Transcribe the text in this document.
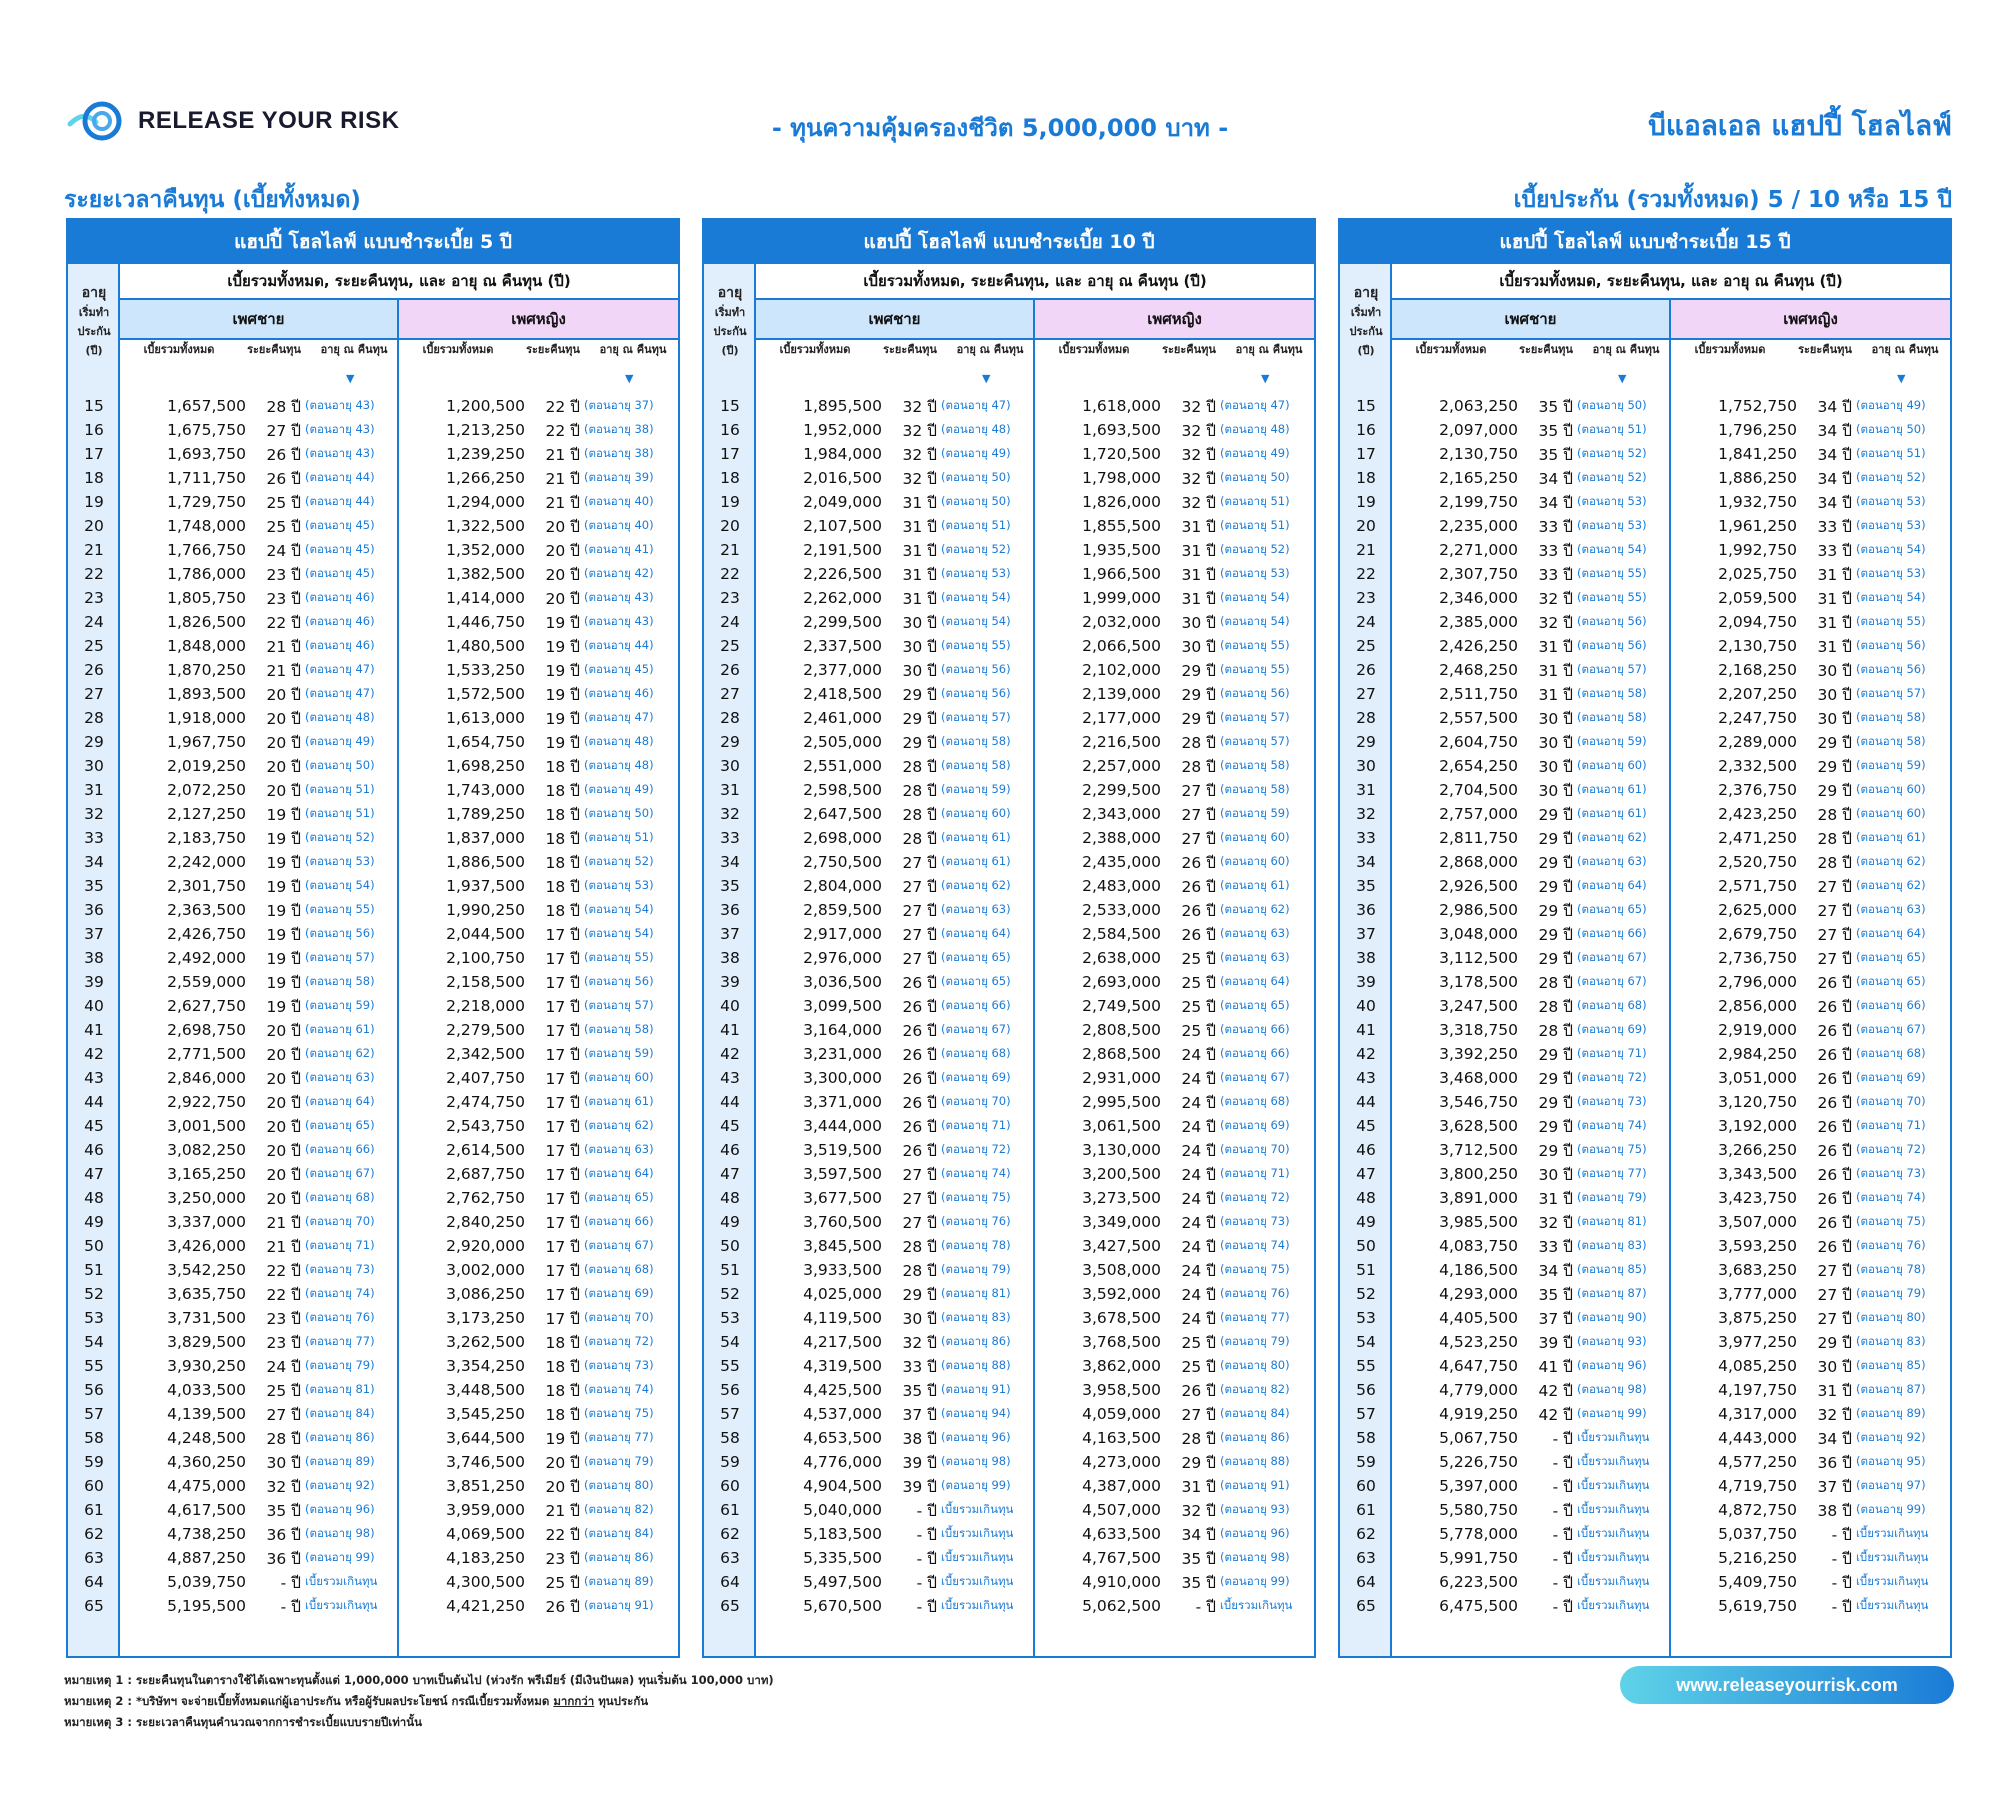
RELEASE YOUR RISK	- ทุนความคุ้มครองชีวิต 5,000,000 บาท -	บีแอลเอล แฮปปี้ โฮลไลฟ์
ระยะเวลาคืนทุน (เบี้ยทั้งหมด)	เบี้ยประกัน (รวมทั้งหมด) 5 / 10 หรือ 15 ปี
แฮปปี้ โฮลไลฟ์ แบบชำระเบี้ย 5 ปี
อายุ
เริ่มทำ
ประกัน
(ปี)
เบี้ยรวมทั้งหมด, ระยะคืนทุน, และ อายุ ณ คืนทุน (ปี)
เพศชาย	เพศหญิง
เบี้ยรวมทั้งหมด	ระยะคืนทุน	อายุ ณ คืนทุน
▼
เบี้ยรวมทั้งหมด	ระยะคืนทุน	อายุ ณ คืนทุน
▼
15	1,657,500	28 ปี (ตอนอายุ 43)	1,200,500	22 ปี (ตอนอายุ 37)
16	1,675,750	27 ปี (ตอนอายุ 43)	1,213,250	22 ปี (ตอนอายุ 38)
17	1,693,750	26 ปี (ตอนอายุ 43)	1,239,250	21 ปี (ตอนอายุ 38)
18	1,711,750	26 ปี (ตอนอายุ 44)	1,266,250	21 ปี (ตอนอายุ 39)
19	1,729,750	25 ปี (ตอนอายุ 44)	1,294,000	21 ปี (ตอนอายุ 40)
20	1,748,000	25 ปี (ตอนอายุ 45)	1,322,500	20 ปี (ตอนอายุ 40)
21	1,766,750	24 ปี (ตอนอายุ 45)	1,352,000	20 ปี (ตอนอายุ 41)
22	1,786,000	23 ปี (ตอนอายุ 45)	1,382,500	20 ปี (ตอนอายุ 42)
23	1,805,750	23 ปี (ตอนอายุ 46)	1,414,000	20 ปี (ตอนอายุ 43)
24	1,826,500	22 ปี (ตอนอายุ 46)	1,446,750	19 ปี (ตอนอายุ 43)
25	1,848,000	21 ปี (ตอนอายุ 46)	1,480,500	19 ปี (ตอนอายุ 44)
26	1,870,250	21 ปี (ตอนอายุ 47)	1,533,250	19 ปี (ตอนอายุ 45)
27	1,893,500	20 ปี (ตอนอายุ 47)	1,572,500	19 ปี (ตอนอายุ 46)
28	1,918,000	20 ปี (ตอนอายุ 48)	1,613,000	19 ปี (ตอนอายุ 47)
29	1,967,750	20 ปี (ตอนอายุ 49)	1,654,750	19 ปี (ตอนอายุ 48)
30	2,019,250	20 ปี (ตอนอายุ 50)	1,698,250	18 ปี (ตอนอายุ 48)
31	2,072,250	20 ปี (ตอนอายุ 51)	1,743,000	18 ปี (ตอนอายุ 49)
32	2,127,250	19 ปี (ตอนอายุ 51)	1,789,250	18 ปี (ตอนอายุ 50)
33	2,183,750	19 ปี (ตอนอายุ 52)	1,837,000	18 ปี (ตอนอายุ 51)
34	2,242,000	19 ปี (ตอนอายุ 53)	1,886,500	18 ปี (ตอนอายุ 52)
35	2,301,750	19 ปี (ตอนอายุ 54)	1,937,500	18 ปี (ตอนอายุ 53)
36	2,363,500	19 ปี (ตอนอายุ 55)	1,990,250	18 ปี (ตอนอายุ 54)
37	2,426,750	19 ปี (ตอนอายุ 56)	2,044,500	17 ปี (ตอนอายุ 54)
38	2,492,000	19 ปี (ตอนอายุ 57)	2,100,750	17 ปี (ตอนอายุ 55)
39	2,559,000	19 ปี (ตอนอายุ 58)	2,158,500	17 ปี (ตอนอายุ 56)
40	2,627,750	19 ปี (ตอนอายุ 59)	2,218,000	17 ปี (ตอนอายุ 57)
41	2,698,750	20 ปี (ตอนอายุ 61)	2,279,500	17 ปี (ตอนอายุ 58)
42	2,771,500	20 ปี (ตอนอายุ 62)	2,342,500	17 ปี (ตอนอายุ 59)
43	2,846,000	20 ปี (ตอนอายุ 63)	2,407,750	17 ปี (ตอนอายุ 60)
44	2,922,750	20 ปี (ตอนอายุ 64)	2,474,750	17 ปี (ตอนอายุ 61)
45	3,001,500	20 ปี (ตอนอายุ 65)	2,543,750	17 ปี (ตอนอายุ 62)
46	3,082,250	20 ปี (ตอนอายุ 66)	2,614,500	17 ปี (ตอนอายุ 63)
47	3,165,250	20 ปี (ตอนอายุ 67)	2,687,750	17 ปี (ตอนอายุ 64)
48	3,250,000	20 ปี (ตอนอายุ 68)	2,762,750	17 ปี (ตอนอายุ 65)
49	3,337,000	21 ปี (ตอนอายุ 70)	2,840,250	17 ปี (ตอนอายุ 66)
50	3,426,000	21 ปี (ตอนอายุ 71)	2,920,000	17 ปี (ตอนอายุ 67)
51	3,542,250	22 ปี (ตอนอายุ 73)	3,002,000	17 ปี (ตอนอายุ 68)
52	3,635,750	22 ปี (ตอนอายุ 74)	3,086,250	17 ปี (ตอนอายุ 69)
53	3,731,500	23 ปี (ตอนอายุ 76)	3,173,250	17 ปี (ตอนอายุ 70)
54	3,829,500	23 ปี (ตอนอายุ 77)	3,262,500	18 ปี (ตอนอายุ 72)
55	3,930,250	24 ปี (ตอนอายุ 79)	3,354,250	18 ปี (ตอนอายุ 73)
56	4,033,500	25 ปี (ตอนอายุ 81)	3,448,500	18 ปี (ตอนอายุ 74)
57	4,139,500	27 ปี (ตอนอายุ 84)	3,545,250	18 ปี (ตอนอายุ 75)
58	4,248,500	28 ปี (ตอนอายุ 86)	3,644,500	19 ปี (ตอนอายุ 77)
59	4,360,250	30 ปี (ตอนอายุ 89)	3,746,500	20 ปี (ตอนอายุ 79)
60	4,475,000	32 ปี (ตอนอายุ 92)	3,851,250	20 ปี (ตอนอายุ 80)
61	4,617,500	35 ปี (ตอนอายุ 96)	3,959,000	21 ปี (ตอนอายุ 82)
62	4,738,250	36 ปี (ตอนอายุ 98)	4,069,500	22 ปี (ตอนอายุ 84)
63	4,887,250	36 ปี (ตอนอายุ 99)	4,183,250	23 ปี (ตอนอายุ 86)
64	5,039,750	- ปี เบี้ยรวมเกินทุน	4,300,500	25 ปี (ตอนอายุ 89)
65	5,195,500	- ปี เบี้ยรวมเกินทุน	4,421,250	26 ปี (ตอนอายุ 91)
แฮปปี้ โฮลไลฟ์ แบบชำระเบี้ย 10 ปี
อายุ
เริ่มทำ
ประกัน
(ปี)
เบี้ยรวมทั้งหมด, ระยะคืนทุน, และ อายุ ณ คืนทุน (ปี)
เพศชาย	เพศหญิง
เบี้ยรวมทั้งหมด	ระยะคืนทุน	อายุ ณ คืนทุน
▼
เบี้ยรวมทั้งหมด	ระยะคืนทุน	อายุ ณ คืนทุน
▼
15	1,895,500	32 ปี (ตอนอายุ 47)	1,618,000	32 ปี (ตอนอายุ 47)
16	1,952,000	32 ปี (ตอนอายุ 48)	1,693,500	32 ปี (ตอนอายุ 48)
17	1,984,000	32 ปี (ตอนอายุ 49)	1,720,500	32 ปี (ตอนอายุ 49)
18	2,016,500	32 ปี (ตอนอายุ 50)	1,798,000	32 ปี (ตอนอายุ 50)
19	2,049,000	31 ปี (ตอนอายุ 50)	1,826,000	32 ปี (ตอนอายุ 51)
20	2,107,500	31 ปี (ตอนอายุ 51)	1,855,500	31 ปี (ตอนอายุ 51)
21	2,191,500	31 ปี (ตอนอายุ 52)	1,935,500	31 ปี (ตอนอายุ 52)
22	2,226,500	31 ปี (ตอนอายุ 53)	1,966,500	31 ปี (ตอนอายุ 53)
23	2,262,000	31 ปี (ตอนอายุ 54)	1,999,000	31 ปี (ตอนอายุ 54)
24	2,299,500	30 ปี (ตอนอายุ 54)	2,032,000	30 ปี (ตอนอายุ 54)
25	2,337,500	30 ปี (ตอนอายุ 55)	2,066,500	30 ปี (ตอนอายุ 55)
26	2,377,000	30 ปี (ตอนอายุ 56)	2,102,000	29 ปี (ตอนอายุ 55)
27	2,418,500	29 ปี (ตอนอายุ 56)	2,139,000	29 ปี (ตอนอายุ 56)
28	2,461,000	29 ปี (ตอนอายุ 57)	2,177,000	29 ปี (ตอนอายุ 57)
29	2,505,000	29 ปี (ตอนอายุ 58)	2,216,500	28 ปี (ตอนอายุ 57)
30	2,551,000	28 ปี (ตอนอายุ 58)	2,257,000	28 ปี (ตอนอายุ 58)
31	2,598,500	28 ปี (ตอนอายุ 59)	2,299,500	27 ปี (ตอนอายุ 58)
32	2,647,500	28 ปี (ตอนอายุ 60)	2,343,000	27 ปี (ตอนอายุ 59)
33	2,698,000	28 ปี (ตอนอายุ 61)	2,388,000	27 ปี (ตอนอายุ 60)
34	2,750,500	27 ปี (ตอนอายุ 61)	2,435,000	26 ปี (ตอนอายุ 60)
35	2,804,000	27 ปี (ตอนอายุ 62)	2,483,000	26 ปี (ตอนอายุ 61)
36	2,859,500	27 ปี (ตอนอายุ 63)	2,533,000	26 ปี (ตอนอายุ 62)
37	2,917,000	27 ปี (ตอนอายุ 64)	2,584,500	26 ปี (ตอนอายุ 63)
38	2,976,000	27 ปี (ตอนอายุ 65)	2,638,000	25 ปี (ตอนอายุ 63)
39	3,036,500	26 ปี (ตอนอายุ 65)	2,693,000	25 ปี (ตอนอายุ 64)
40	3,099,500	26 ปี (ตอนอายุ 66)	2,749,500	25 ปี (ตอนอายุ 65)
41	3,164,000	26 ปี (ตอนอายุ 67)	2,808,500	25 ปี (ตอนอายุ 66)
42	3,231,000	26 ปี (ตอนอายุ 68)	2,868,500	24 ปี (ตอนอายุ 66)
43	3,300,000	26 ปี (ตอนอายุ 69)	2,931,000	24 ปี (ตอนอายุ 67)
44	3,371,000	26 ปี (ตอนอายุ 70)	2,995,500	24 ปี (ตอนอายุ 68)
45	3,444,000	26 ปี (ตอนอายุ 71)	3,061,500	24 ปี (ตอนอายุ 69)
46	3,519,500	26 ปี (ตอนอายุ 72)	3,130,000	24 ปี (ตอนอายุ 70)
47	3,597,500	27 ปี (ตอนอายุ 74)	3,200,500	24 ปี (ตอนอายุ 71)
48	3,677,500	27 ปี (ตอนอายุ 75)	3,273,500	24 ปี (ตอนอายุ 72)
49	3,760,500	27 ปี (ตอนอายุ 76)	3,349,000	24 ปี (ตอนอายุ 73)
50	3,845,500	28 ปี (ตอนอายุ 78)	3,427,500	24 ปี (ตอนอายุ 74)
51	3,933,500	28 ปี (ตอนอายุ 79)	3,508,000	24 ปี (ตอนอายุ 75)
52	4,025,000	29 ปี (ตอนอายุ 81)	3,592,000	24 ปี (ตอนอายุ 76)
53	4,119,500	30 ปี (ตอนอายุ 83)	3,678,500	24 ปี (ตอนอายุ 77)
54	4,217,500	32 ปี (ตอนอายุ 86)	3,768,500	25 ปี (ตอนอายุ 79)
55	4,319,500	33 ปี (ตอนอายุ 88)	3,862,000	25 ปี (ตอนอายุ 80)
56	4,425,500	35 ปี (ตอนอายุ 91)	3,958,500	26 ปี (ตอนอายุ 82)
57	4,537,000	37 ปี (ตอนอายุ 94)	4,059,000	27 ปี (ตอนอายุ 84)
58	4,653,500	38 ปี (ตอนอายุ 96)	4,163,500	28 ปี (ตอนอายุ 86)
59	4,776,000	39 ปี (ตอนอายุ 98)	4,273,000	29 ปี (ตอนอายุ 88)
60	4,904,500	39 ปี (ตอนอายุ 99)	4,387,000	31 ปี (ตอนอายุ 91)
61	5,040,000	- ปี เบี้ยรวมเกินทุน	4,507,000	32 ปี (ตอนอายุ 93)
62	5,183,500	- ปี เบี้ยรวมเกินทุน	4,633,500	34 ปี (ตอนอายุ 96)
63	5,335,500	- ปี เบี้ยรวมเกินทุน	4,767,500	35 ปี (ตอนอายุ 98)
64	5,497,500	- ปี เบี้ยรวมเกินทุน	4,910,000	35 ปี (ตอนอายุ 99)
65	5,670,500	- ปี เบี้ยรวมเกินทุน	5,062,500	- ปี เบี้ยรวมเกินทุน
แฮปปี้ โฮลไลฟ์ แบบชำระเบี้ย 15 ปี
อายุ
เริ่มทำ
ประกัน
(ปี)
เบี้ยรวมทั้งหมด, ระยะคืนทุน, และ อายุ ณ คืนทุน (ปี)
เพศชาย	เพศหญิง
เบี้ยรวมทั้งหมด	ระยะคืนทุน	อายุ ณ คืนทุน
▼
เบี้ยรวมทั้งหมด	ระยะคืนทุน	อายุ ณ คืนทุน
▼
15	2,063,250	35 ปี (ตอนอายุ 50)	1,752,750	34 ปี (ตอนอายุ 49)
16	2,097,000	35 ปี (ตอนอายุ 51)	1,796,250	34 ปี (ตอนอายุ 50)
17	2,130,750	35 ปี (ตอนอายุ 52)	1,841,250	34 ปี (ตอนอายุ 51)
18	2,165,250	34 ปี (ตอนอายุ 52)	1,886,250	34 ปี (ตอนอายุ 52)
19	2,199,750	34 ปี (ตอนอายุ 53)	1,932,750	34 ปี (ตอนอายุ 53)
20	2,235,000	33 ปี (ตอนอายุ 53)	1,961,250	33 ปี (ตอนอายุ 53)
21	2,271,000	33 ปี (ตอนอายุ 54)	1,992,750	33 ปี (ตอนอายุ 54)
22	2,307,750	33 ปี (ตอนอายุ 55)	2,025,750	31 ปี (ตอนอายุ 53)
23	2,346,000	32 ปี (ตอนอายุ 55)	2,059,500	31 ปี (ตอนอายุ 54)
24	2,385,000	32 ปี (ตอนอายุ 56)	2,094,750	31 ปี (ตอนอายุ 55)
25	2,426,250	31 ปี (ตอนอายุ 56)	2,130,750	31 ปี (ตอนอายุ 56)
26	2,468,250	31 ปี (ตอนอายุ 57)	2,168,250	30 ปี (ตอนอายุ 56)
27	2,511,750	31 ปี (ตอนอายุ 58)	2,207,250	30 ปี (ตอนอายุ 57)
28	2,557,500	30 ปี (ตอนอายุ 58)	2,247,750	30 ปี (ตอนอายุ 58)
29	2,604,750	30 ปี (ตอนอายุ 59)	2,289,000	29 ปี (ตอนอายุ 58)
30	2,654,250	30 ปี (ตอนอายุ 60)	2,332,500	29 ปี (ตอนอายุ 59)
31	2,704,500	30 ปี (ตอนอายุ 61)	2,376,750	29 ปี (ตอนอายุ 60)
32	2,757,000	29 ปี (ตอนอายุ 61)	2,423,250	28 ปี (ตอนอายุ 60)
33	2,811,750	29 ปี (ตอนอายุ 62)	2,471,250	28 ปี (ตอนอายุ 61)
34	2,868,000	29 ปี (ตอนอายุ 63)	2,520,750	28 ปี (ตอนอายุ 62)
35	2,926,500	29 ปี (ตอนอายุ 64)	2,571,750	27 ปี (ตอนอายุ 62)
36	2,986,500	29 ปี (ตอนอายุ 65)	2,625,000	27 ปี (ตอนอายุ 63)
37	3,048,000	29 ปี (ตอนอายุ 66)	2,679,750	27 ปี (ตอนอายุ 64)
38	3,112,500	29 ปี (ตอนอายุ 67)	2,736,750	27 ปี (ตอนอายุ 65)
39	3,178,500	28 ปี (ตอนอายุ 67)	2,796,000	26 ปี (ตอนอายุ 65)
40	3,247,500	28 ปี (ตอนอายุ 68)	2,856,000	26 ปี (ตอนอายุ 66)
41	3,318,750	28 ปี (ตอนอายุ 69)	2,919,000	26 ปี (ตอนอายุ 67)
42	3,392,250	29 ปี (ตอนอายุ 71)	2,984,250	26 ปี (ตอนอายุ 68)
43	3,468,000	29 ปี (ตอนอายุ 72)	3,051,000	26 ปี (ตอนอายุ 69)
44	3,546,750	29 ปี (ตอนอายุ 73)	3,120,750	26 ปี (ตอนอายุ 70)
45	3,628,500	29 ปี (ตอนอายุ 74)	3,192,000	26 ปี (ตอนอายุ 71)
46	3,712,500	29 ปี (ตอนอายุ 75)	3,266,250	26 ปี (ตอนอายุ 72)
47	3,800,250	30 ปี (ตอนอายุ 77)	3,343,500	26 ปี (ตอนอายุ 73)
48	3,891,000	31 ปี (ตอนอายุ 79)	3,423,750	26 ปี (ตอนอายุ 74)
49	3,985,500	32 ปี (ตอนอายุ 81)	3,507,000	26 ปี (ตอนอายุ 75)
50	4,083,750	33 ปี (ตอนอายุ 83)	3,593,250	26 ปี (ตอนอายุ 76)
51	4,186,500	34 ปี (ตอนอายุ 85)	3,683,250	27 ปี (ตอนอายุ 78)
52	4,293,000	35 ปี (ตอนอายุ 87)	3,777,000	27 ปี (ตอนอายุ 79)
53	4,405,500	37 ปี (ตอนอายุ 90)	3,875,250	27 ปี (ตอนอายุ 80)
54	4,523,250	39 ปี (ตอนอายุ 93)	3,977,250	29 ปี (ตอนอายุ 83)
55	4,647,750	41 ปี (ตอนอายุ 96)	4,085,250	30 ปี (ตอนอายุ 85)
56	4,779,000	42 ปี (ตอนอายุ 98)	4,197,750	31 ปี (ตอนอายุ 87)
57	4,919,250	42 ปี (ตอนอายุ 99)	4,317,000	32 ปี (ตอนอายุ 89)
58	5,067,750	- ปี เบี้ยรวมเกินทุน	4,443,000	34 ปี (ตอนอายุ 92)
59	5,226,750	- ปี เบี้ยรวมเกินทุน	4,577,250	36 ปี (ตอนอายุ 95)
60	5,397,000	- ปี เบี้ยรวมเกินทุน	4,719,750	37 ปี (ตอนอายุ 97)
61	5,580,750	- ปี เบี้ยรวมเกินทุน	4,872,750	38 ปี (ตอนอายุ 99)
62	5,778,000	- ปี เบี้ยรวมเกินทุน	5,037,750	- ปี เบี้ยรวมเกินทุน
63	5,991,750	- ปี เบี้ยรวมเกินทุน	5,216,250	- ปี เบี้ยรวมเกินทุน
64	6,223,500	- ปี เบี้ยรวมเกินทุน	5,409,750	- ปี เบี้ยรวมเกินทุน
65	6,475,500	- ปี เบี้ยรวมเกินทุน	5,619,750	- ปี เบี้ยรวมเกินทุน
หมายเหตุ 1 : ระยะคืนทุนในตารางใช้ได้เฉพาะทุนตั้งแต่ 1,000,000 บาทเป็นต้นไป (ห่วงรัก พรีเมียร์ (มีเงินปันผล) ทุนเริ่มต้น 100,000 บาท)
หมายเหตุ 2 : *บริษัทฯ จะจ่ายเบี้ยทั้งหมดแก่ผู้เอาประกัน หรือผู้รับผลประโยชน์ กรณีเบี้ยรวมทั้งหมด มากกว่า ทุนประกัน
หมายเหตุ 3 : ระยะเวลาคืนทุนคำนวณจากการชำระเบี้ยแบบรายปีเท่านั้น
www.releaseyourrisk.com
